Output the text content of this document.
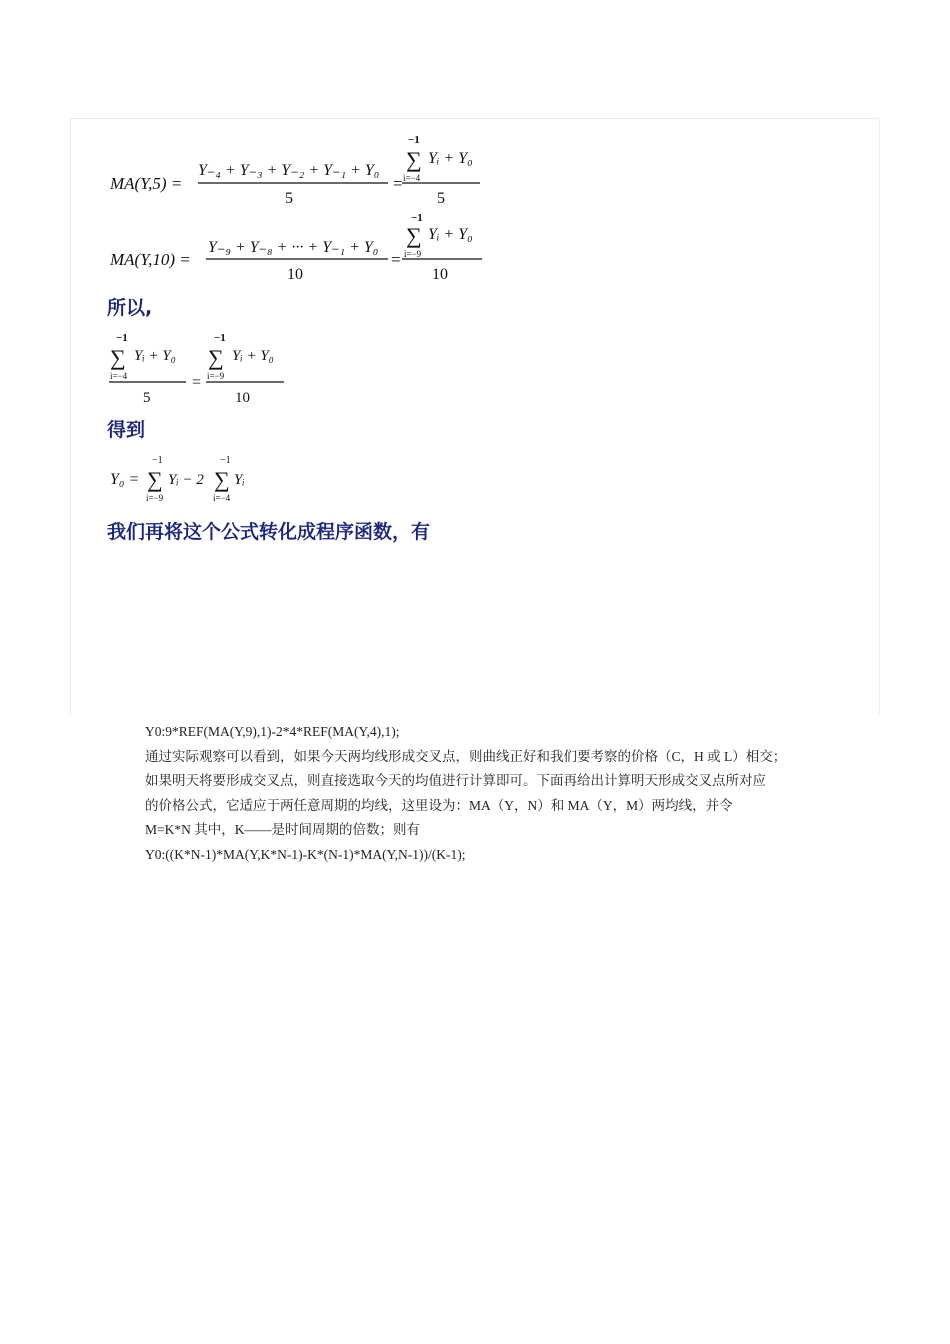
MA(Y,5) =
Y₋₄ + Y₋₃ + Y₋₂ + Y₋₁ + Y₀
5
=
−1
∑ Yᵢ + Y₀
i=−4
5
MA(Y,10) =
Y₋₉ + Y₋₈ + ··· + Y₋₁ + Y₀
10
=
−1
∑ Yᵢ + Y₀
i=−9
10
所以,
−1
∑ Yᵢ + Y₀
i=−4
5
=
−1
∑ Yᵢ + Y₀
i=−9
10
得到
Y₀ =
−1
∑
i=−9
Yᵢ − 2
−1
∑
i=−4
Yᵢ
我们再将这个公式转化成程序函数，有
Y0:9*REF(MA(Y,9),1)-2*4*REF(MA(Y,4),1);
通过实际观察可以看到，如果今天两均线形成交叉点，则曲线正好和我们要考察的价格（C，H 或 L）相交；
如果明天将要形成交叉点，则直接选取今天的均值进行计算即可。下面再给出计算明天形成交叉点所对应
的价格公式，它适应于两任意周期的均线，这里设为：MA（Y，N）和 MA（Y，M）两均线，并令
M=K*N 其中，K——是时间周期的倍数；则有
Y0:((K*N-1)*MA(Y,K*N-1)-K*(N-1)*MA(Y,N-1))/(K-1);
